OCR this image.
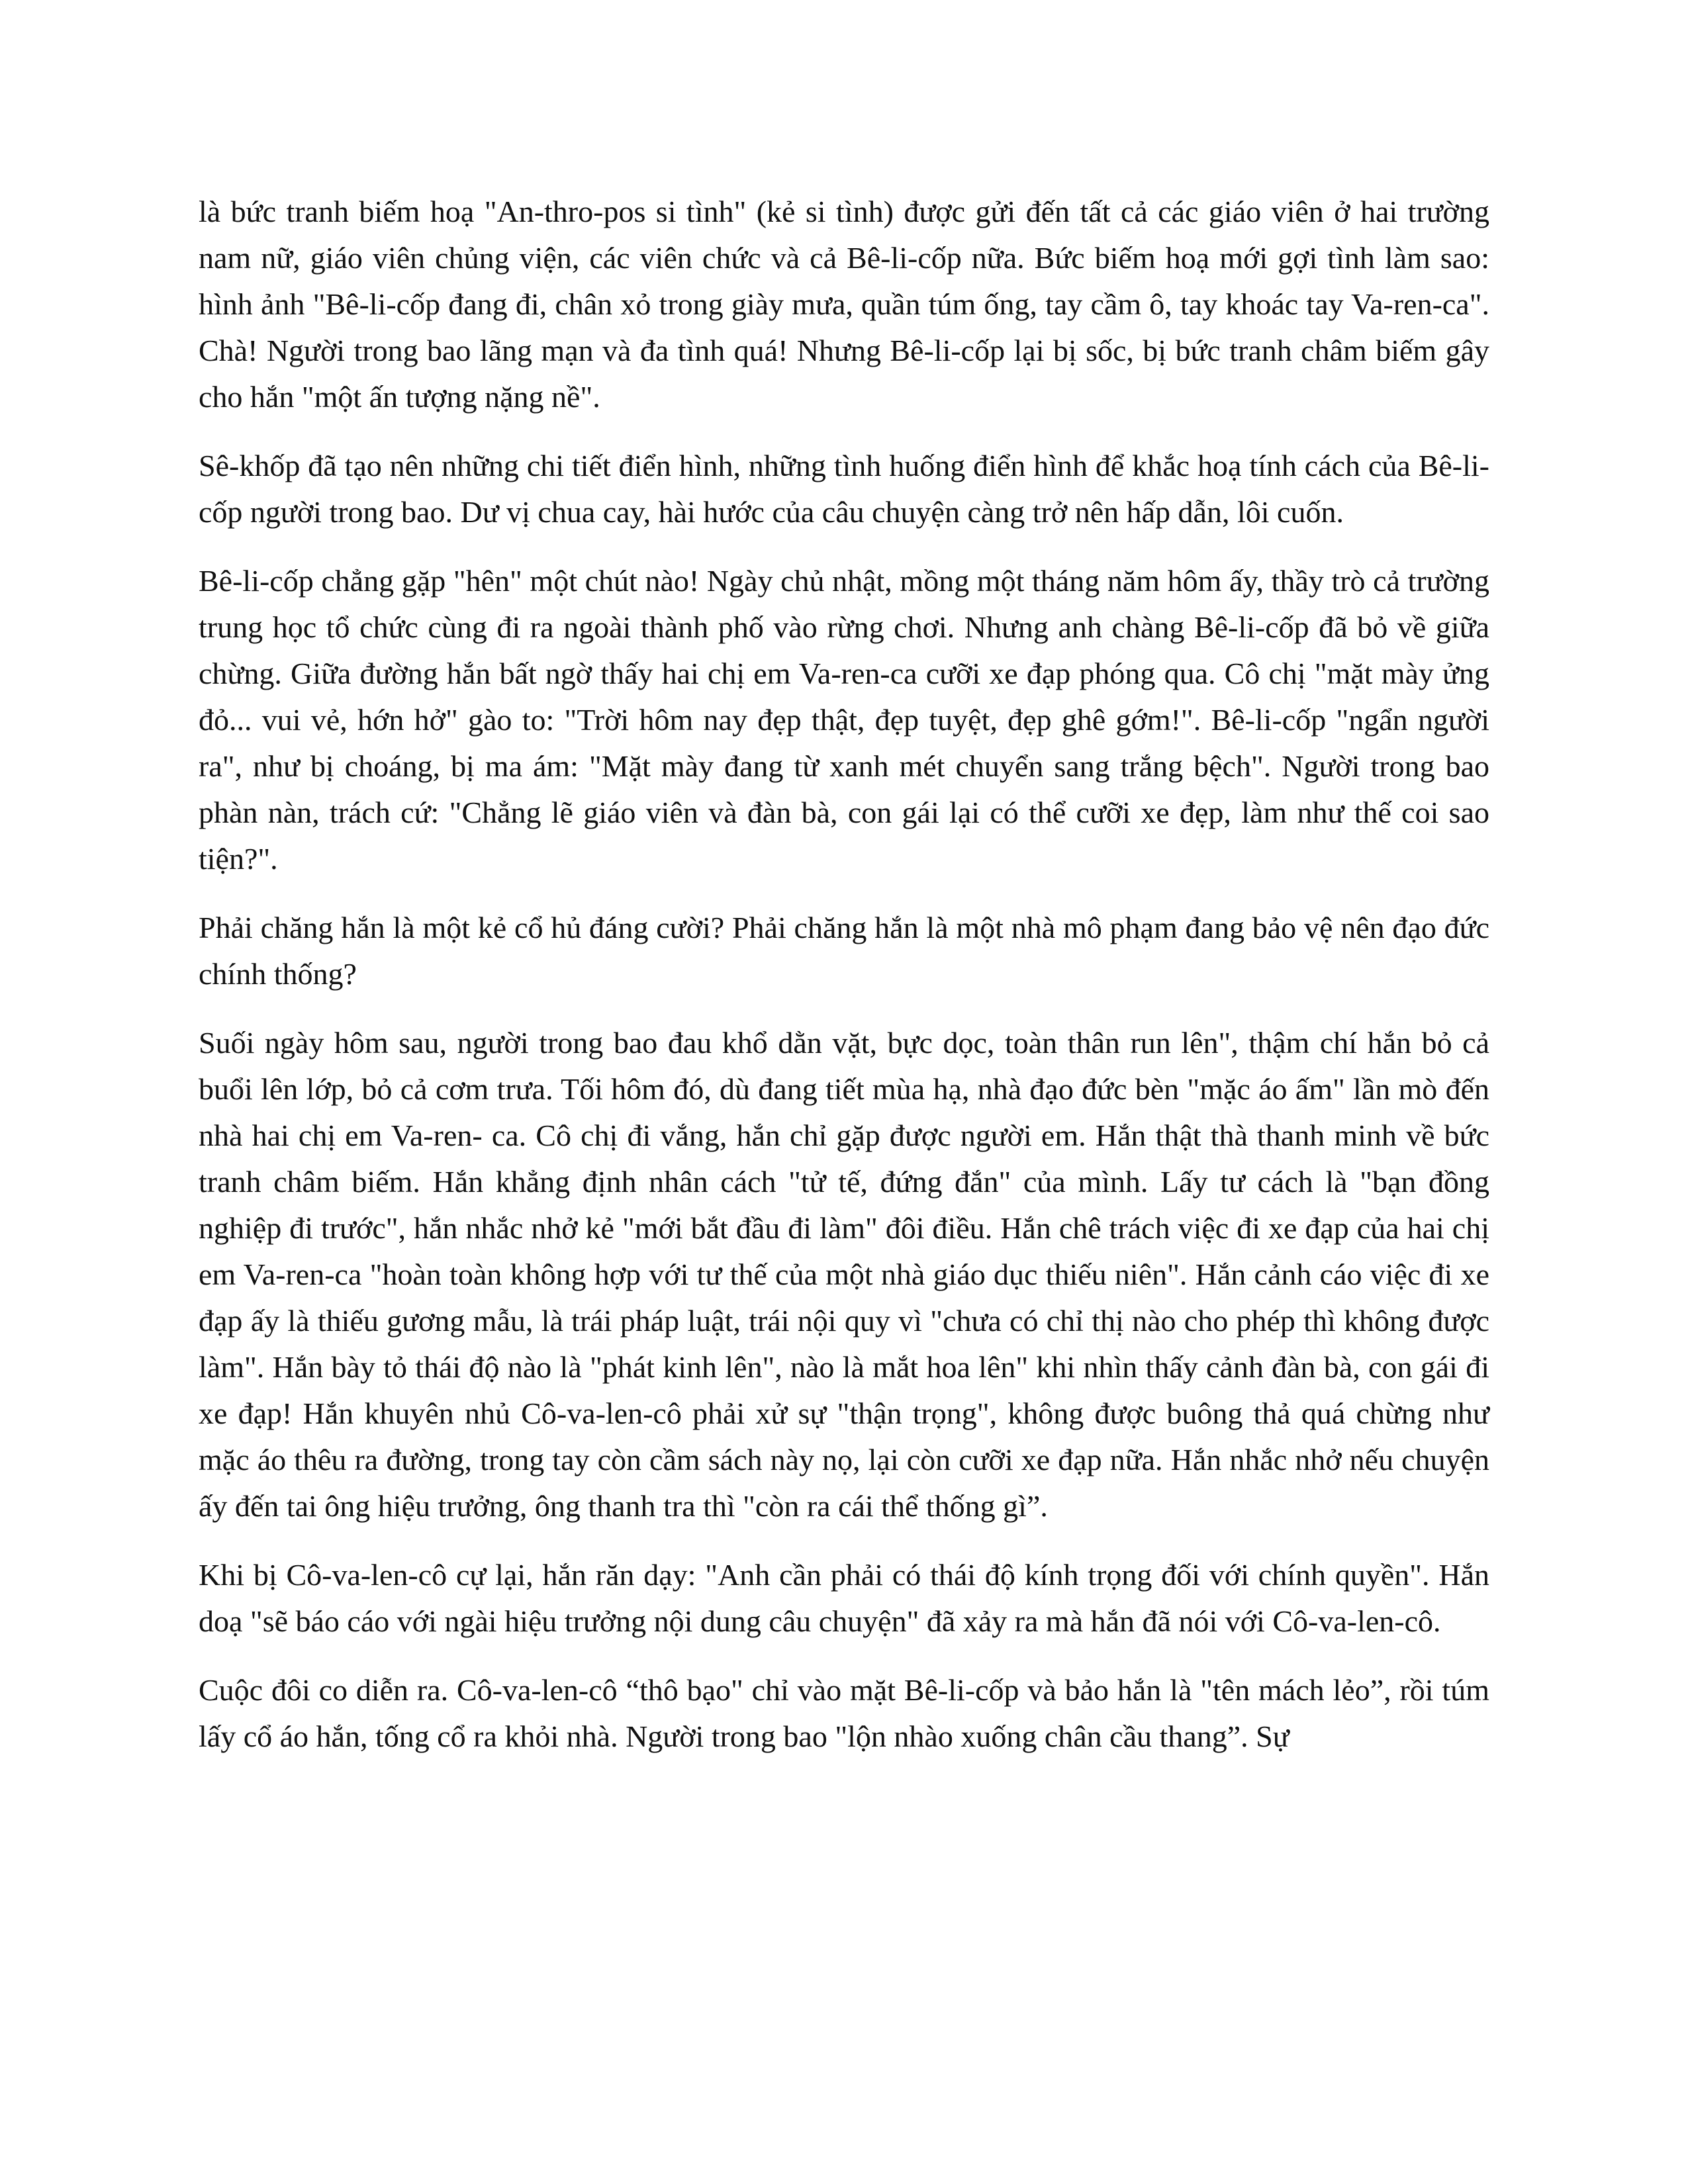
là bức tranh biếm hoạ "An-thro-pos si tình" (kẻ si tình) được gửi đến tất cả các giáo viên ở hai trường nam nữ, giáo viên chủng viện, các viên chức và cả Bê-li-cốp nữa. Bức biếm hoạ mới gợi tình làm sao: hình ảnh "Bê-li-cốp đang đi, chân xỏ trong giày mưa, quần túm ống, tay cầm ô, tay khoác tay Va-ren-ca". Chà! Người trong bao lãng mạn và đa tình quá! Nhưng Bê-li-cốp lại bị sốc, bị bức tranh châm biếm gây cho hắn "một ấn tượng nặng nề".

Sê-khốp đã tạo nên những chi tiết điển hình, những tình huống điển hình để khắc hoạ tính cách của Bê-li-cốp người trong bao. Dư vị chua cay, hài hước của câu chuyện càng trở nên hấp dẫn, lôi cuốn.

Bê-li-cốp chẳng gặp "hên" một chút nào! Ngày chủ nhật, mồng một tháng năm hôm ấy, thầy trò cả trường trung học tổ chức cùng đi ra ngoài thành phố vào rừng chơi. Nhưng anh chàng Bê-li-cốp đã bỏ về giữa chừng. Giữa đường hắn bất ngờ thấy hai chị em Va-ren-ca cưỡi xe đạp phóng qua. Cô chị "mặt mày ửng đỏ... vui vẻ, hớn hở" gào to: "Trời hôm nay đẹp thật, đẹp tuyệt, đẹp ghê gớm!". Bê-li-cốp "ngẩn người ra", như bị choáng, bị ma ám: "Mặt mày đang từ xanh mét chuyển sang trắng bệch". Người trong bao phàn nàn, trách cứ: "Chẳng lẽ giáo viên và đàn bà, con gái lại có thể cưỡi xe đẹp, làm như thế coi sao tiện?".

Phải chăng hắn là một kẻ cổ hủ đáng cười? Phải chăng hắn là một nhà mô phạm đang bảo vệ nên đạo đức chính thống?

Suối ngày hôm sau, người trong bao đau khổ dằn vặt, bực dọc, toàn thân run lên", thậm chí hắn bỏ cả buổi lên lớp, bỏ cả cơm trưa. Tối hôm đó, dù đang tiết mùa hạ, nhà đạo đức bèn "mặc áo ấm" lần mò đến nhà hai chị em Va-ren- ca. Cô chị đi vắng, hắn chỉ gặp được người em. Hắn thật thà thanh minh về bức tranh châm biếm. Hắn khẳng định nhân cách "tử tế, đứng đắn" của mình. Lấy tư cách là "bạn đồng nghiệp đi trước", hắn nhắc nhở kẻ "mới bắt đầu đi làm" đôi điều. Hắn chê trách việc đi xe đạp của hai chị em Va-ren-ca "hoàn toàn không hợp với tư thế của một nhà giáo dục thiếu niên". Hắn cảnh cáo việc đi xe đạp ấy là thiếu gương mẫu, là trái pháp luật, trái nội quy vì "chưa có chỉ thị nào cho phép thì không được làm". Hắn bày tỏ thái độ nào là "phát kinh lên", nào là mắt hoa lên" khi nhìn thấy cảnh đàn bà, con gái đi xe đạp! Hắn khuyên nhủ Cô-va-len-cô phải xử sự "thận trọng", không được buông thả quá chừng như mặc áo thêu ra đường, trong tay còn cầm sách này nọ, lại còn cưỡi xe đạp nữa. Hắn nhắc nhở nếu chuyện ấy đến tai ông hiệu trưởng, ông thanh tra thì "còn ra cái thể thống gì”.

Khi bị Cô-va-len-cô cự lại, hắn răn dạy: "Anh cần phải có thái độ kính trọng đối với chính quyền". Hắn doạ "sẽ báo cáo với ngài hiệu trưởng nội dung câu chuyện" đã xảy ra mà hắn đã nói với Cô-va-len-cô.

Cuộc đôi co diễn ra. Cô-va-len-cô “thô bạo" chỉ vào mặt Bê-li-cốp và bảo hắn là "tên mách lẻo”, rồi túm lấy cổ áo hắn, tống cổ ra khỏi nhà. Người trong bao "lộn nhào xuống chân cầu thang”. Sự
